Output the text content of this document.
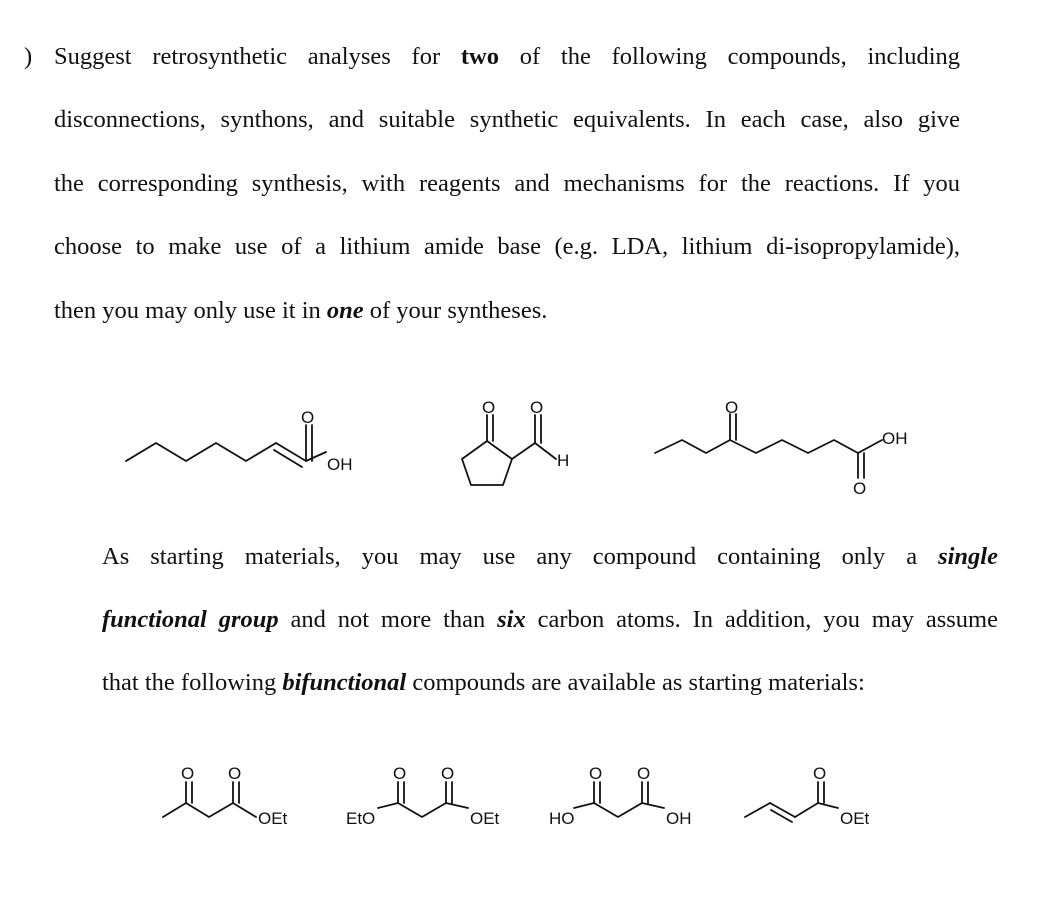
) Suggest retrosynthetic analyses for two of the following compounds, including
disconnections, synthons, and suitable synthetic equivalents. In each case, also give
the corresponding synthesis, with reagents and mechanisms for the reactions. If you
choose to make use of a lithium amide base (e.g. LDA, lithium di-isopropylamide),
then you may only use it in one of your syntheses.
As starting materials, you may use any compound containing only a single
functional group and not more than six carbon atoms. In addition, you may assume
that the following bifunctional compounds are available as starting materials:
O
OH
O O
H
O
OH
O
O O
OEt	EtO
O O
OEt	HO
O O
OH
O
OEt
